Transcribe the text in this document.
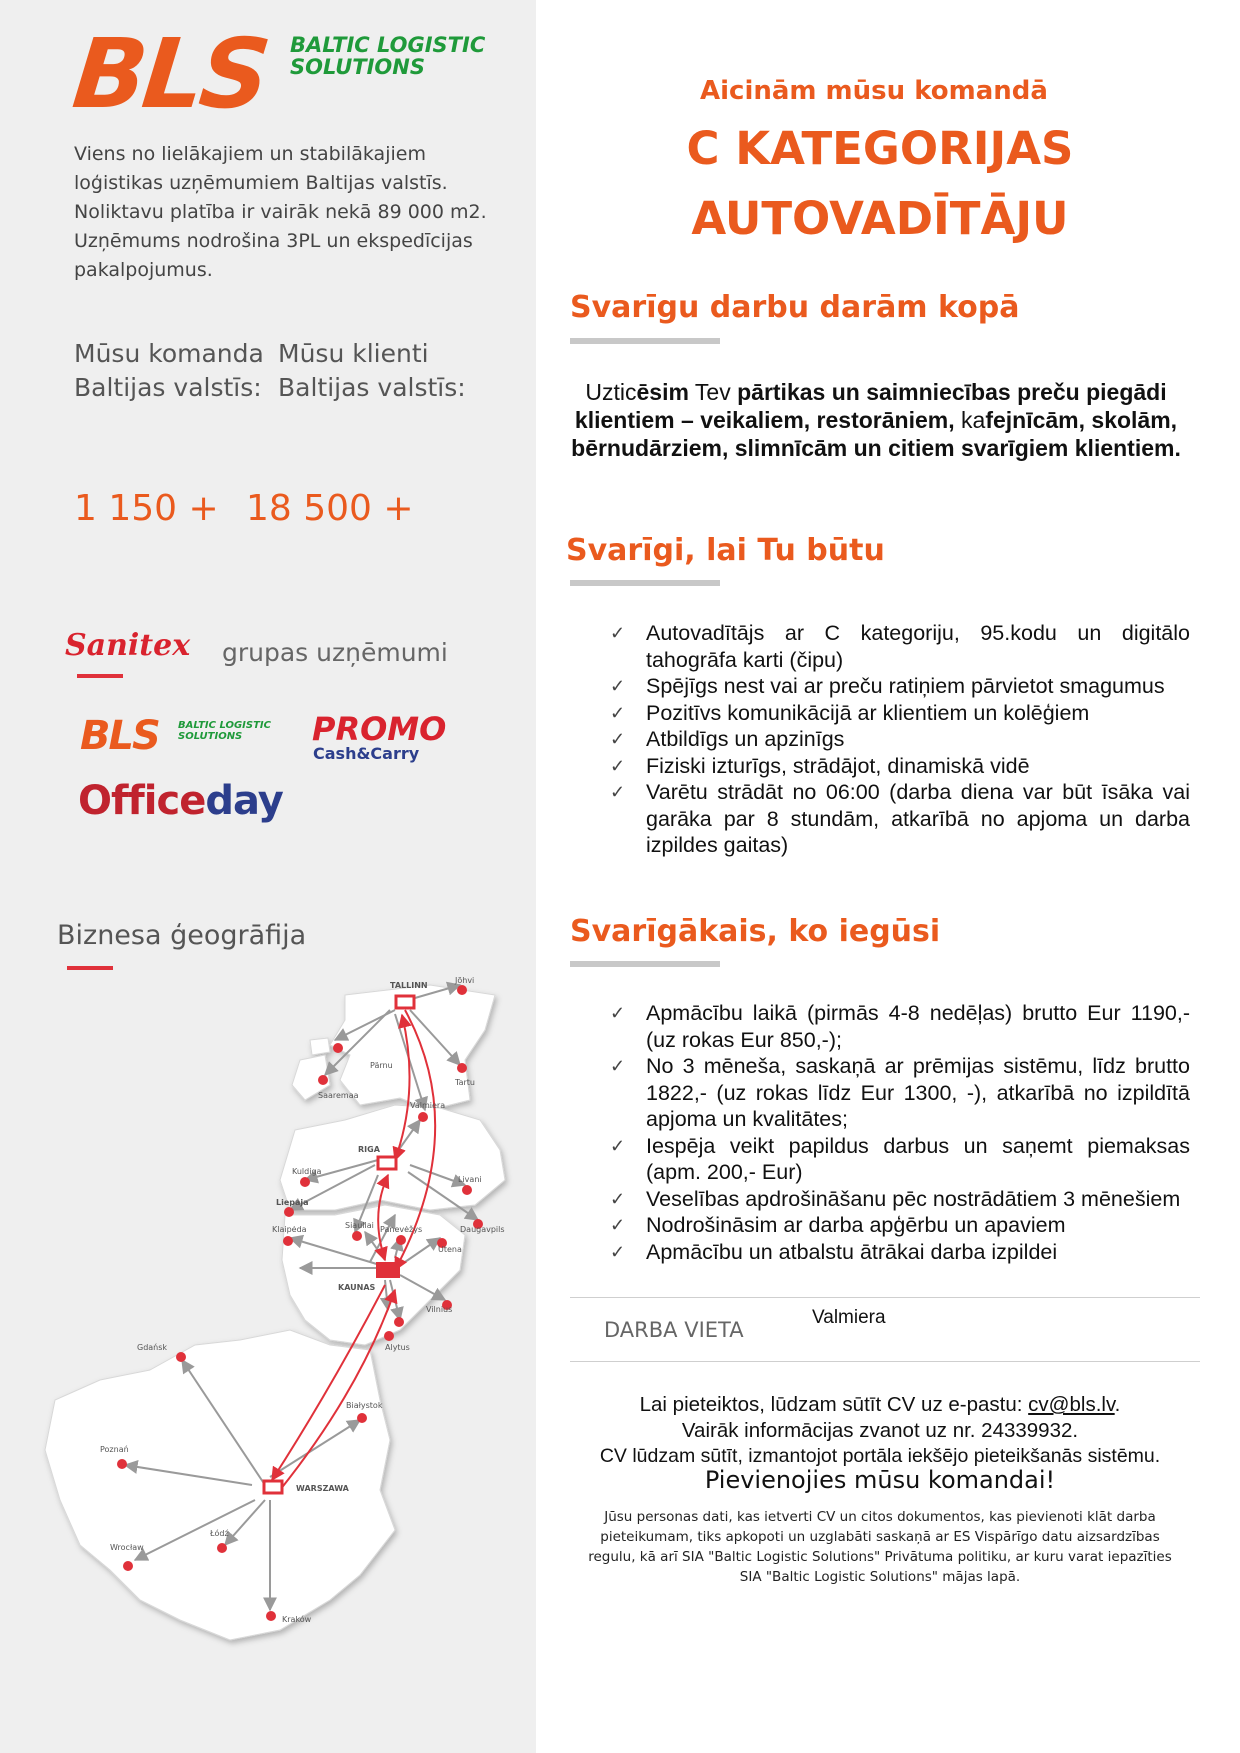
BLS BALTIC LOGISTIC
SOLUTIONS
Viens no lielākajiem un stabilākajiem loģistikas uzņēmumiem Baltijas valstīs. Noliktavu platība ir vairāk nekā 89 000 m2. Uzņēmums nodrošina 3PL un ekspedīcijas pakalpojumus.
Mūsu komanda
Baltijas valstīs:
Mūsu klienti
Baltijas valstīs:
1 150 + 18 500 +
Sanitex grupas uzņēmumi
BLS BALTIC LOGISTIC
SOLUTIONS	PROMO
Cash&Carry
Officeday
Biznesa ģeogrāfija
TALLINN
Jõhvi
Pärnu
Tartu
Saaremaa
Valmiera
RIGA
Kuldiga
Liepaja
Livani
Siauliai Panevėžys	Daugavpils
Klaipėda
Utena
KAUNAS
Vilnius
Alytus
Gdańsk
Białystok
Poznań
WARSZAWA
Wrocław
Łódź
Kraków
Aicinām mūsu komandā
C KATEGORIJAS
AUTOVADĪTĀJU
Svarīgu darbu darām kopā
Uzticēsim Tev pārtikas un saimniecības preču piegādi klientiem – veikaliem, restorāniem, kafejnīcām, skolām, bērnudārziem, slimnīcām un citiem svarīgiem klientiem.
Svarīgi, lai Tu būtu
✓ Autovadītājs ar C kategoriju, 95.kodu un digitālo tahogrāfa karti (čipu)
✓ Spējīgs nest vai ar preču ratiņiem pārvietot smagumus
✓ Pozitīvs komunikācijā ar klientiem un kolēģiem
✓ Atbildīgs un apzinīgs
✓ Fiziski izturīgs, strādājot, dinamiskā vidē
✓ Varētu strādāt no 06:00 (darba diena var būt īsāka vai garāka par 8 stundām, atkarībā no apjoma un darba izpildes gaitas)
Svarīgākais, ko iegūsi
✓ Apmācību laikā (pirmās 4-8 nedēļas) brutto Eur 1190,- (uz rokas Eur 850,-);
✓ No 3 mēneša, saskaņā ar prēmijas sistēmu, līdz brutto 1822,- (uz rokas līdz Eur 1300, -), atkarībā no izpildītā apjoma un kvalitātes;
✓ Iespēja veikt papildus darbus un saņemt piemaksas (apm. 200,- Eur)
✓ Veselības apdrošināšanu pēc nostrādātiem 3 mēnešiem
✓ Nodrošināsim ar darba apģērbu un apaviem
✓ Apmācību un atbalstu ātrākai darba izpildei
DARBA VIETA
Valmiera
Lai pieteiktos, lūdzam sūtīt CV uz e-pastu: cv@bls.lv.
Vairāk informācijas zvanot uz nr. 24339932.
CV lūdzam sūtīt, izmantojot portāla iekšējo pieteikšanās sistēmu.
Pievienojies mūsu komandai!
Jūsu personas dati, kas ietverti CV un citos dokumentos, kas pievienoti klāt darba pieteikumam, tiks apkopoti un uzglabāti saskaņā ar ES Vispārīgo datu aizsardzības regulu, kā arī SIA "Baltic Logistic Solutions" Privātuma politiku, ar kuru varat iepazīties SIA "Baltic Logistic Solutions" mājas lapā.
